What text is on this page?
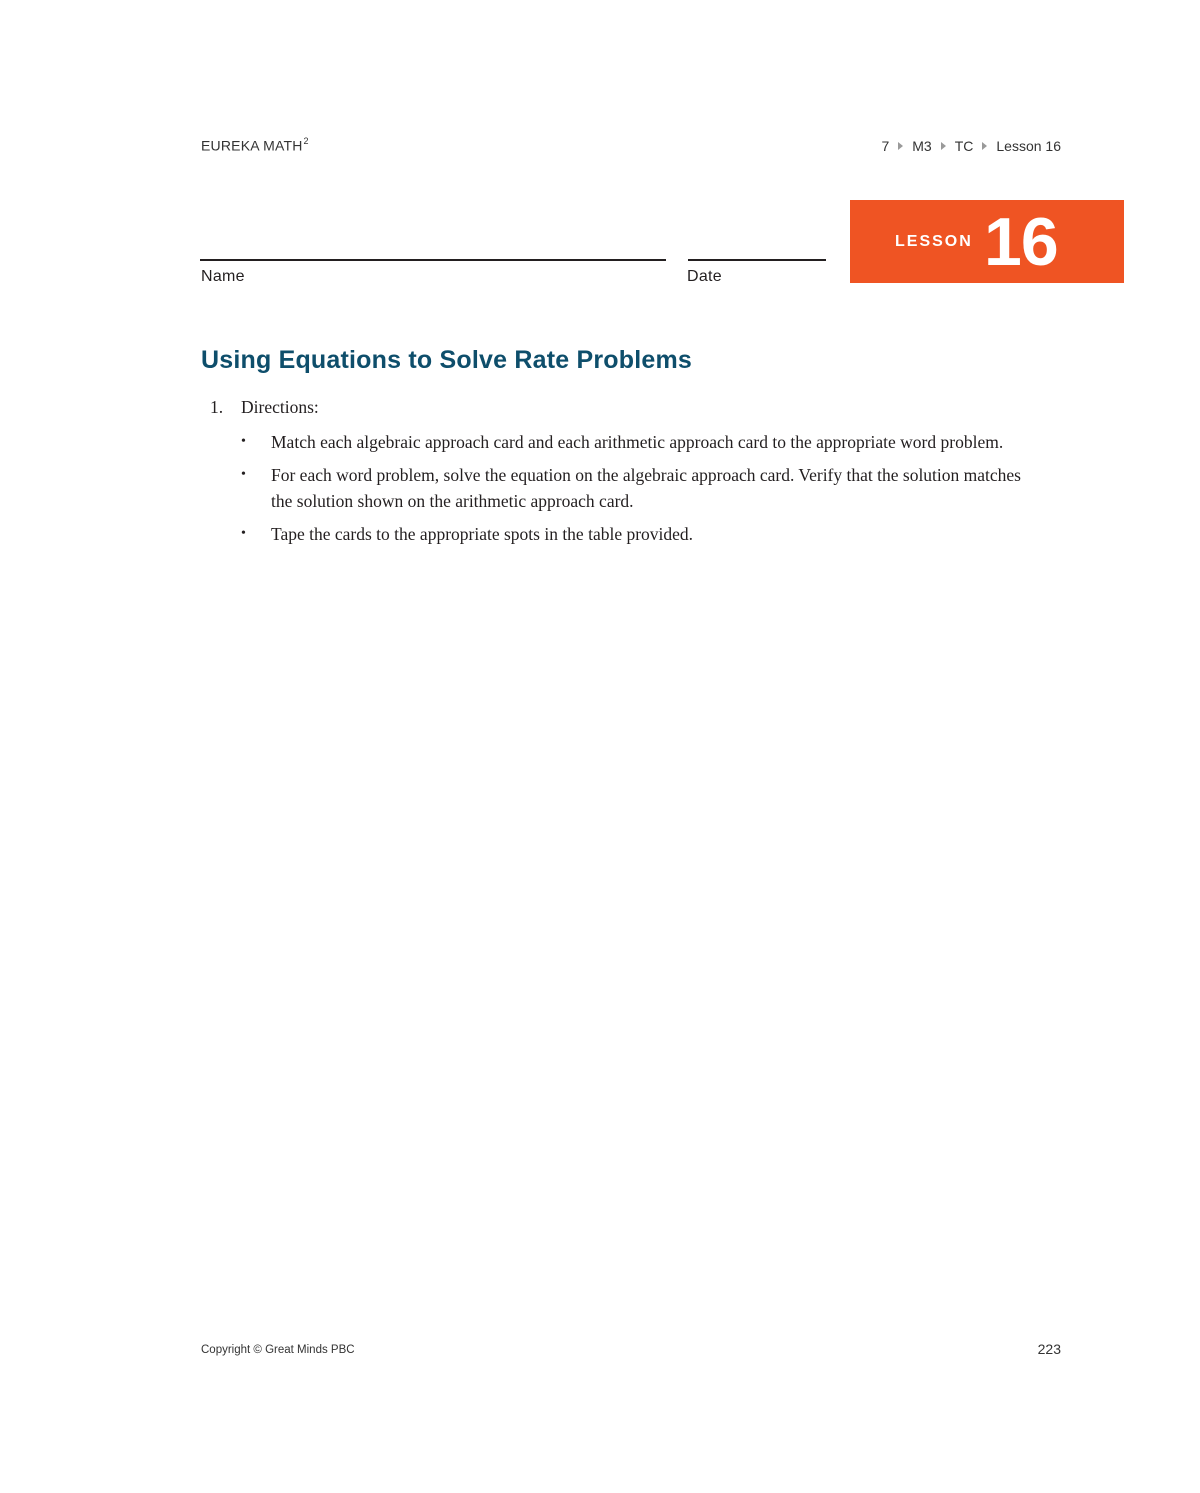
EUREKA MATH$^2$	7 M3 TC Lesson 16
Name	Date
LESSON 16
Using Equations to Solve Rate Problems
1.	Directions:
• Match each algebraic approach card and each arithmetic approach card to the appropriate word problem.
• For each word problem, solve the equation on the algebraic approach card. Verify that the solution matches the solution shown on the arithmetic approach card.
• Tape the cards to the appropriate spots in the table provided.
Copyright © Great Minds PBC	223
